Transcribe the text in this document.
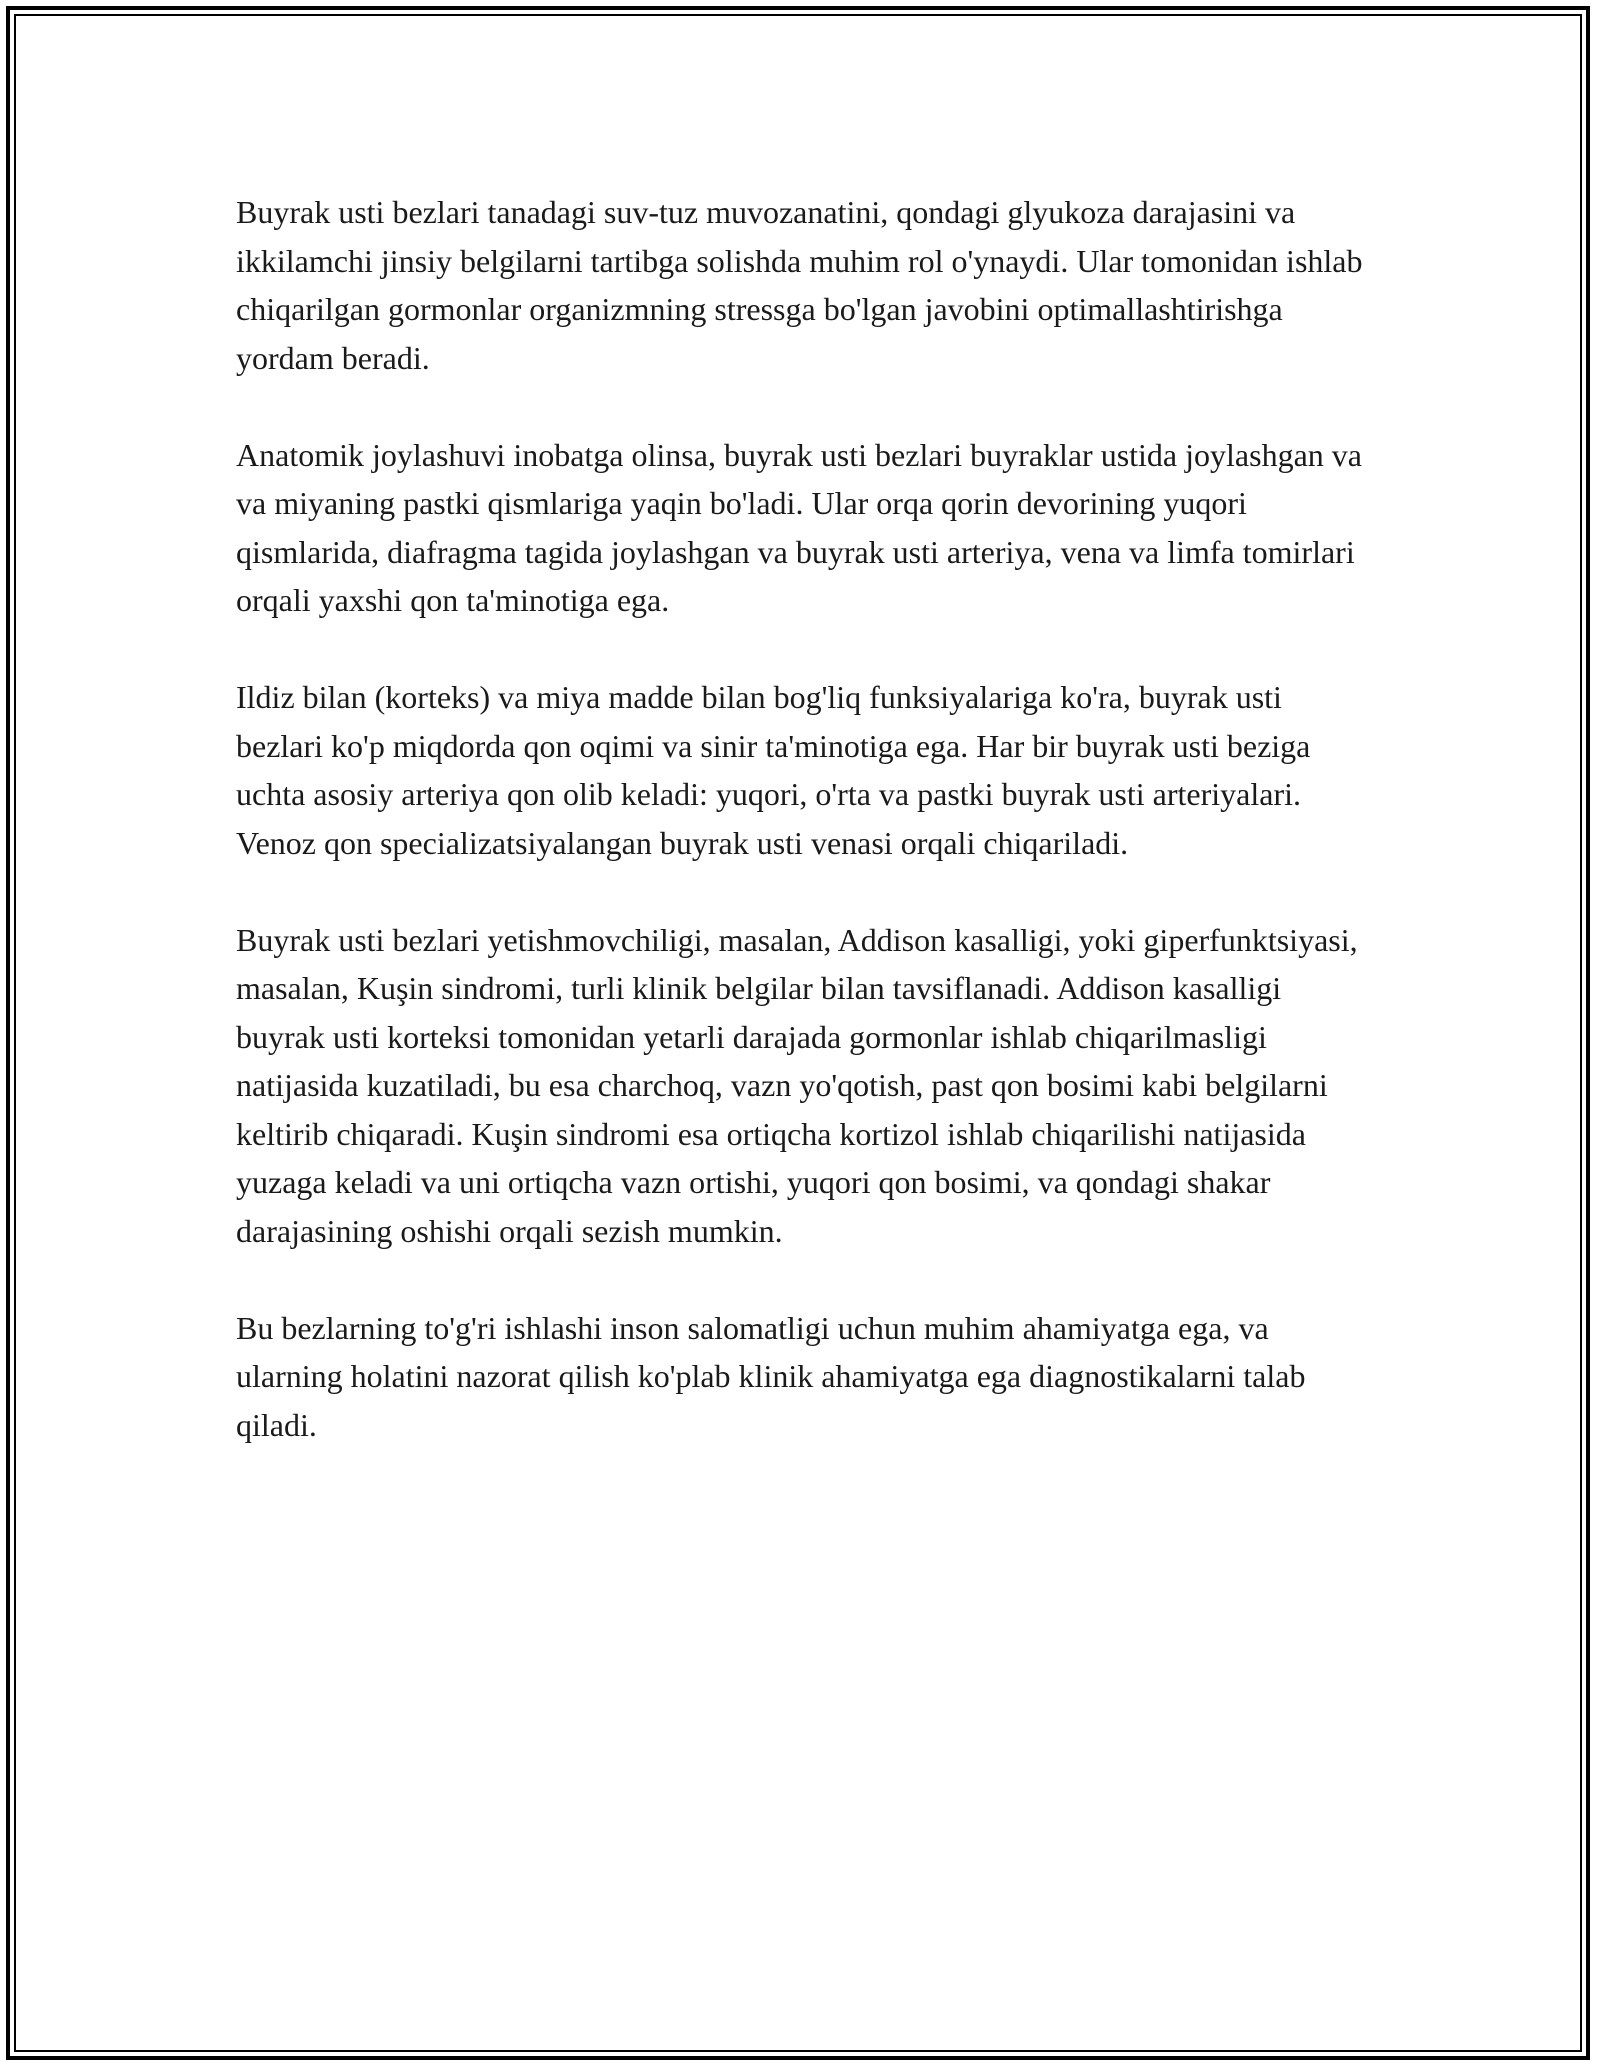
Buyrak usti bezlari tanadagi suv-tuz muvozanatini, qondagi glyukoza darajasini va ikkilamchi jinsiy belgilarni tartibga solishda muhim rol o'ynaydi. Ular tomonidan ishlab chiqarilgan gormonlar organizmning stressga bo'lgan javobini optimallashtirishga yordam beradi.

Anatomik joylashuvi inobatga olinsa, buyrak usti bezlari buyraklar ustida joylashgan va va miyaning pastki qismlariga yaqin bo'ladi. Ular orqa qorin devorining yuqori qismlarida, diafragma tagida joylashgan va buyrak usti arteriya, vena va limfa tomirlari orqali yaxshi qon ta'minotiga ega.

Ildiz bilan (korteks) va miya madde bilan bog'liq funksiyalariga ko'ra, buyrak usti bezlari ko'p miqdorda qon oqimi va sinir ta'minotiga ega. Har bir buyrak usti beziga uchta asosiy arteriya qon olib keladi: yuqori, o'rta va pastki buyrak usti arteriyalari. Venoz qon specializatsiyalangan buyrak usti venasi orqali chiqariladi.

Buyrak usti bezlari yetishmovchiligi, masalan, Addison kasalligi, yoki giperfunktsiyasi, masalan, Kuşin sindromi, turli klinik belgilar bilan tavsiflanadi. Addison kasalligi buyrak usti korteksi tomonidan yetarli darajada gormonlar ishlab chiqarilmasligi natijasida kuzatiladi, bu esa charchoq, vazn yo'qotish, past qon bosimi kabi belgilarni keltirib chiqaradi. Kuşin sindromi esa ortiqcha kortizol ishlab chiqarilishi natijasida yuzaga keladi va uni ortiqcha vazn ortishi, yuqori qon bosimi, va qondagi shakar darajasining oshishi orqali sezish mumkin.

Bu bezlarning to'g'ri ishlashi inson salomatligi uchun muhim ahamiyatga ega, va ularning holatini nazorat qilish ko'plab klinik ahamiyatga ega diagnostikalarni talab qiladi.
